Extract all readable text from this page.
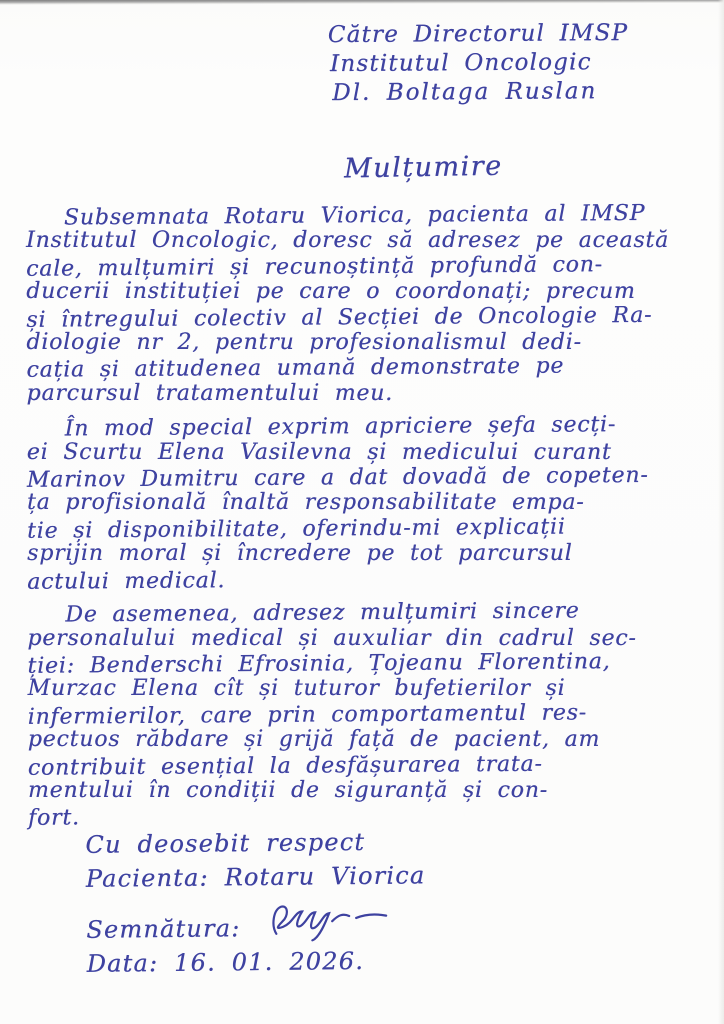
Către Directorul IMSP
Institutul Oncologic
Dl. Boltaga Ruslan
Mulțumire
Subsemnata Rotaru Viorica, pacienta al IMSP
Institutul Oncologic, doresc să adresez pe această
cale, mulțumiri și recunoștință profundă con-
ducerii instituției pe care o coordonați; precum
și întregului colectiv al Secției de Oncologie Ra-
diologie nr 2, pentru profesionalismul dedi-
cația și atitudenea umană demonstrate pe
parcursul tratamentului meu.
În mod special exprim apriciere șefa secți-
ei Scurtu Elena Vasilevna și medicului curant
Marinov Dumitru care a dat dovadă de copeten-
ța profisională înaltă responsabilitate empa-
tie și disponibilitate, oferindu-mi explicații
sprijin moral și încredere pe tot parcursul
actului medical.
De asemenea, adresez mulțumiri sincere
personalului medical și auxuliar din cadrul sec-
ției: Benderschi Efrosinia, Țojeanu Florentina,
Murzac Elena cît și tuturor bufetierilor și
infermierilor, care prin comportamentul res-
pectuos răbdare și grijă față de pacient, am
contribuit esențial la desfășurarea trata-
mentului în condiții de siguranță și con-
fort.
Cu deosebit respect
Pacienta: Rotaru Viorica
Semnătura:
Data: 16. 01. 2026.
